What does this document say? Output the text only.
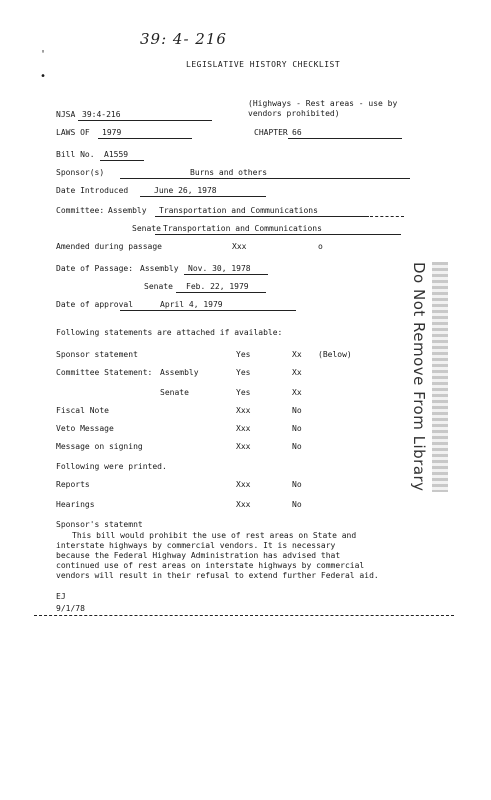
39: 4- 216
'
•
LEGISLATIVE HISTORY CHECKLIST
NJSA 39:4-216
(Highways - Rest areas - use by vendors prohibited)
LAWS OF	1979	CHAPTER 66
Bill No.	A1559
Sponsor(s)	Burns and others
Date Introduced	June 26, 1978
Committee: Assembly	Transportation and Communications
Senate Transportation and Communications
Amended during passage	Xxx	o
Date of Passage: Assembly	Nov. 30, 1978
Senate	Feb. 22, 1979
Date of approval	April 4, 1979
Following statements are attached if available:
Sponsor statement	Yes	Xx (Below)
Committee Statement: Assembly	Yes	Xx
Senate	Yes	Xx
Fiscal Note	Xxx	No
Veto Message	Xxx	No
Message on signing	Xxx	No
Following were printed.
Reports	Xxx	No
Hearings	Xxx	No
Sponsor's statemnt
This bill would prohibit the use of rest areas on State and
interstate highways by commercial vendors. It is necessary
because the Federal Highway Administration has advised that
continued use of rest areas on interstate highways by commercial
vendors will result in their refusal to extend further Federal aid.
EJ
9/1/78
Do Not Remove From Library
